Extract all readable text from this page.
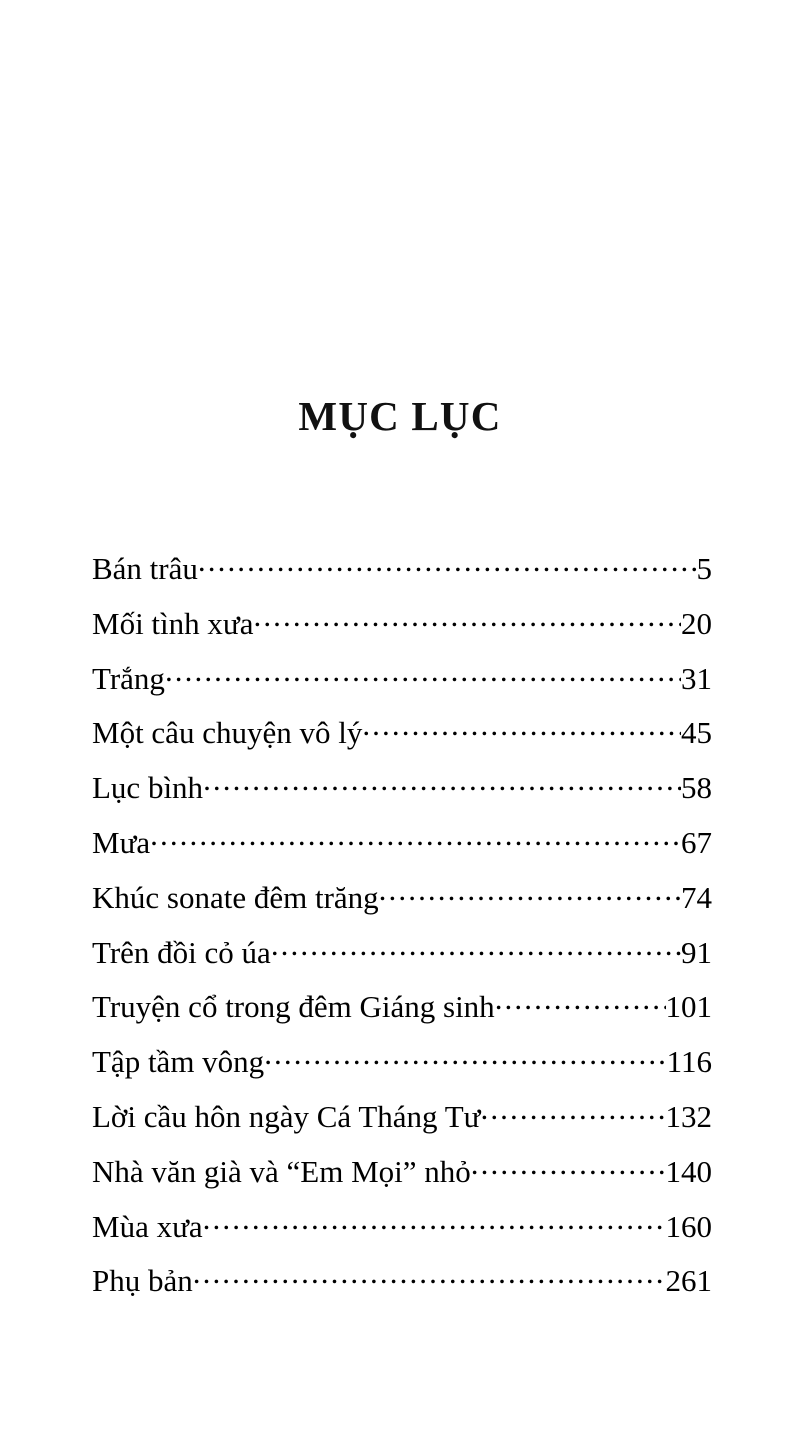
MỤC LỤC
Bán trâu .....	5
Mối tình xưa .....	20
Trắng .....	31
Một câu chuyện vô lý .....	45
Lục bình .....	58
Mưa .....	67
Khúc sonate đêm trăng .....	74
Trên đồi cỏ úa .....	91
Truyện cổ trong đêm Giáng sinh .....	101
Tập tầm vông .....	116
Lời cầu hôn ngày Cá Tháng Tư .....	132
Nhà văn già và “Em Mọi” nhỏ .....	140
Mùa xưa .....	160
Phụ bản .....	261
